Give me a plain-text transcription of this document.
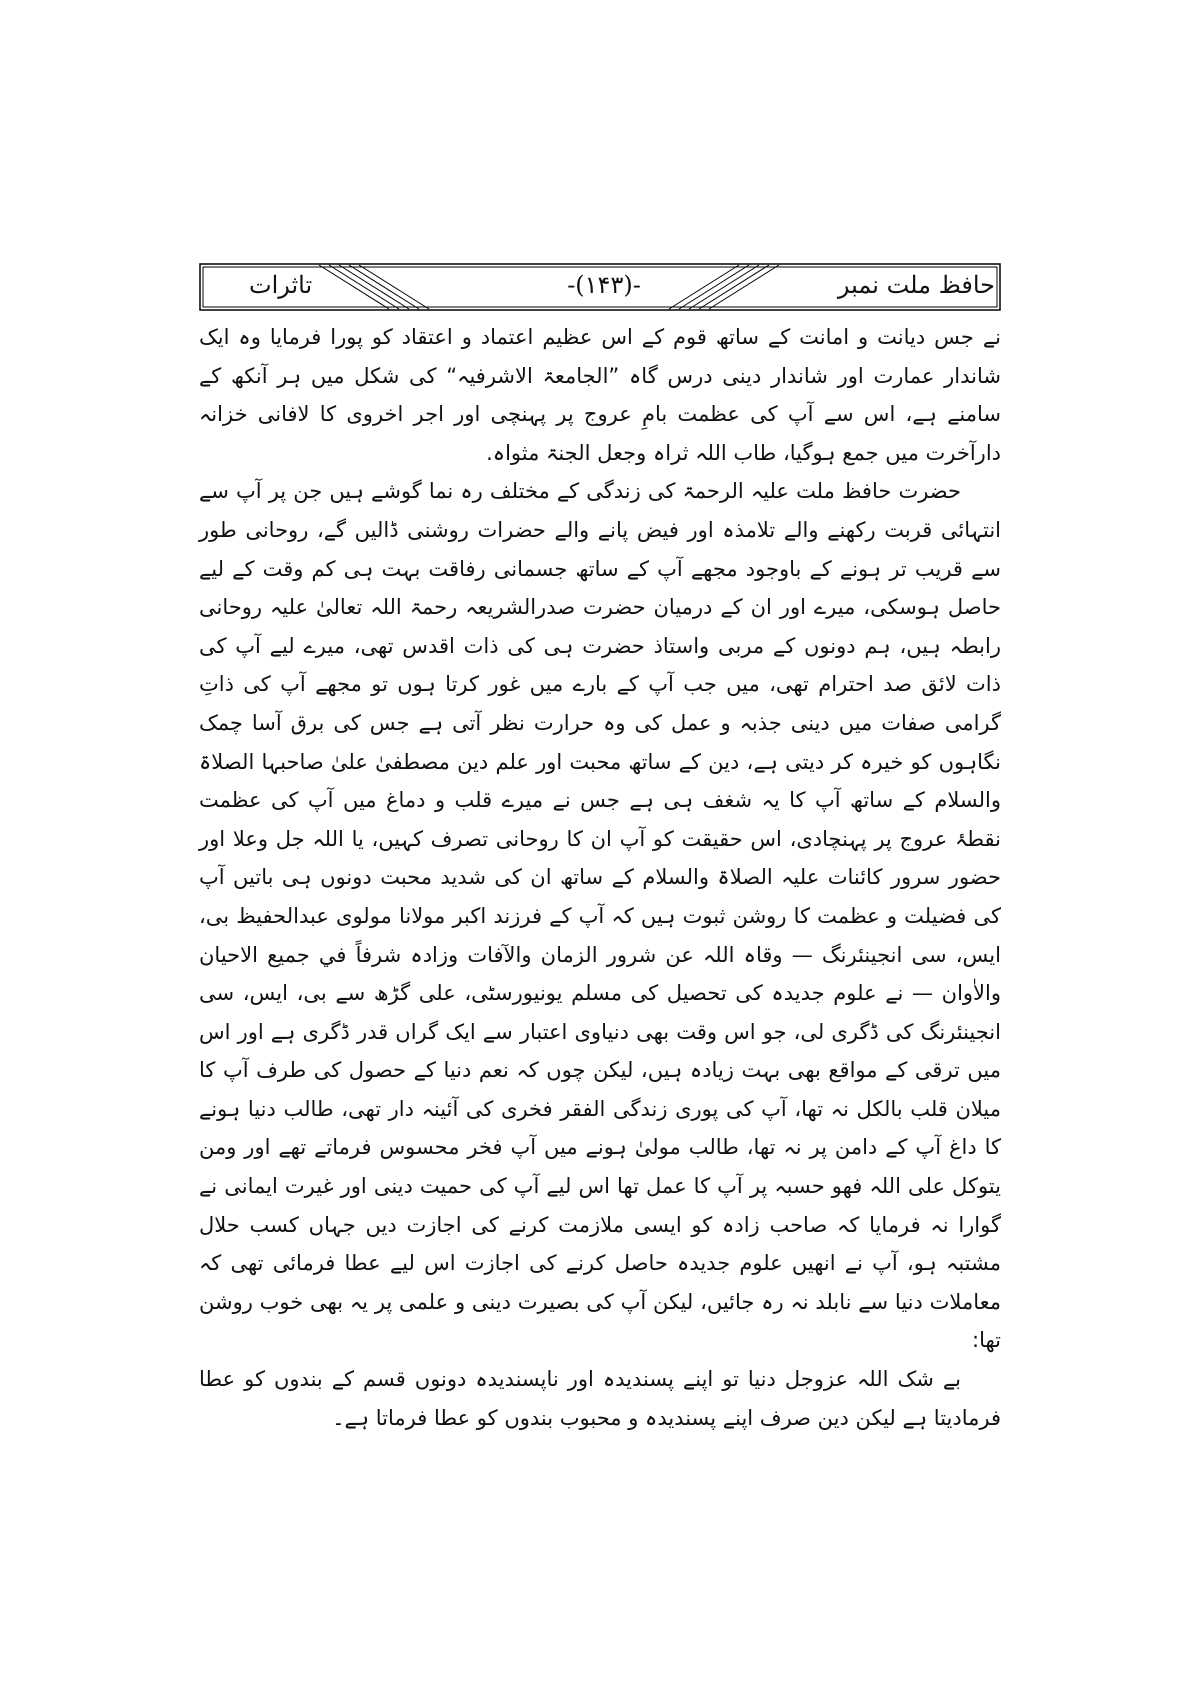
حافظ ملت نمبر
-(۱۴۳)-
تاثرات

نے جس دیانت و امانت کے ساتھ قوم کے اس عظیم اعتماد و اعتقاد کو پورا فرمایا وہ ایک شاندار عمارت اور شاندار دینی درس گاہ ”الجامعۃ الاشرفیہ“ کی شکل میں ہر آنکھ کے سامنے ہے، اس سے آپ کی عظمت بامِ عروج پر پہنچی اور اجر اخروی کا لافانی خزانہ دارآخرت میں جمع ہوگیا، طاب اللہ ثراہ وجعل الجنۃ مثواہ.

حضرت حافظ ملت علیہ الرحمۃ کی زندگی کے مختلف رہ نما گوشے ہیں جن پر آپ سے انتہائی قربت رکھنے والے تلامذہ اور فیض پانے والے حضرات روشنی ڈالیں گے، روحانی طور سے قریب تر ہونے کے باوجود مجھے آپ کے ساتھ جسمانی رفاقت بہت ہی کم وقت کے لیے حاصل ہوسکی، میرے اور ان کے درمیان حضرت صدرالشریعہ رحمۃ اللہ تعالیٰ علیہ روحانی رابطہ ہیں، ہم دونوں کے مربی واستاذ حضرت ہی کی ذات اقدس تھی، میرے لیے آپ کی ذات لائق صد احترام تھی، میں جب آپ کے بارے میں غور کرتا ہوں تو مجھے آپ کی ذاتِ گرامی صفات میں دینی جذبہ و عمل کی وہ حرارت نظر آتی ہے جس کی برق آسا چمک نگاہوں کو خیرہ کر دیتی ہے، دین کے ساتھ محبت اور علم دین مصطفیٰ علیٰ صاحبہا الصلاۃ والسلام کے ساتھ آپ کا یہ شغف ہی ہے جس نے میرے قلب و دماغ میں آپ کی عظمت نقطۂ عروج پر پہنچادی، اس حقیقت کو آپ ان کا روحانی تصرف کہیں، یا اللہ جل وعلا اور حضور سرور کائنات علیہ الصلاۃ والسلام کے ساتھ ان کی شدید محبت دونوں ہی باتیں آپ کی فضیلت و عظمت کا روشن ثبوت ہیں کہ آپ کے فرزند اکبر مولانا مولوی عبدالحفیظ بی، ایس، سی انجینئرنگ — وقاہ اللہ عن شرور الزمان والآفات وزادہ شرفاً في جمیع الاحیان والاٰوان — نے علوم جدیدہ کی تحصیل کی مسلم یونیورسٹی، علی گڑھ سے بی، ایس، سی انجینئرنگ کی ڈگری لی، جو اس وقت بھی دنیاوی اعتبار سے ایک گراں قدر ڈگری ہے اور اس میں ترقی کے مواقع بھی بہت زیادہ ہیں، لیکن چوں کہ نعم دنیا کے حصول کی طرف آپ کا میلان قلب بالکل نہ تھا، آپ کی پوری زندگی الفقر فخری کی آئینہ دار تھی، طالب دنیا ہونے کا داغ آپ کے دامن پر نہ تھا، طالب مولیٰ ہونے میں آپ فخر محسوس فرماتے تھے اور ومن یتوکل علی اللہ فھو حسبہ پر آپ کا عمل تھا اس لیے آپ کی حمیت دینی اور غیرت ایمانی نے گوارا نہ فرمایا کہ صاحب زادہ کو ایسی ملازمت کرنے کی اجازت دیں جہاں کسب حلال مشتبہ ہو، آپ نے انھیں علوم جدیدہ حاصل کرنے کی اجازت اس لیے عطا فرمائی تھی کہ معاملات دنیا سے نابلد نہ رہ جائیں، لیکن آپ کی بصیرت دینی و علمی پر یہ بھی خوب روشن تھا:

بے شک اللہ عزوجل دنیا تو اپنے پسندیدہ اور ناپسندیدہ دونوں قسم کے بندوں کو عطا فرمادیتا ہے لیکن دین صرف اپنے پسندیدہ و محبوب بندوں کو عطا فرماتا ہے۔
